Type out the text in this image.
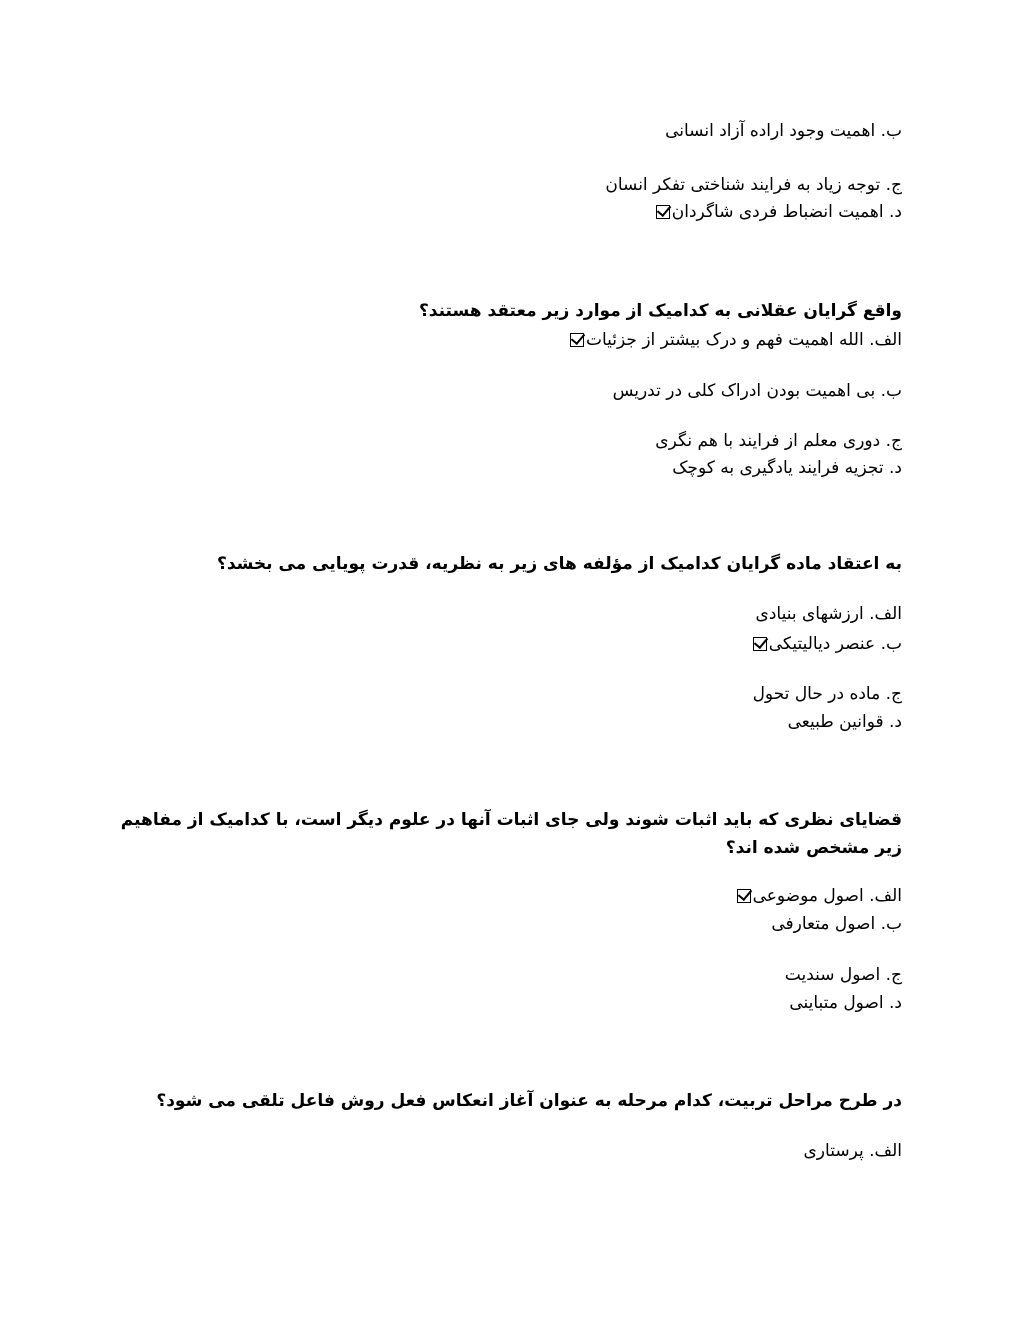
ب. اهمیت وجود اراده آزاد انسانی
ج. توجه زیاد به فرایند شناختی تفکر انسان
د. اهمیت انضباط فردی شاگردان
واقع گرایان عقلانی به کدامیک از موارد زیر معتقد هستند؟
الف. الله اهمیت فهم و درک بیشتر از جزئیات
ب. بی اهمیت بودن ادراک کلی در تدریس
ج. دوری معلم از فرایند با هم نگری
د. تجزیه فرایند یادگیری به کوچک
به اعتقاد ماده گرایان کدامیک از مؤلفه های زیر به نظریه، قدرت پویایی می بخشد؟
الف. ارزشهای بنیادی
ب. عنصر دیالیتیکی
ج. ماده در حال تحول
د. قوانین طبیعی
قضایای نظری که باید اثبات شوند ولی جای اثبات آنها در علوم دیگر است، با کدامیک از مفاهیم زیر مشخص شده اند؟
الف. اصول موضوعی
ب. اصول متعارفی
ج. اصول سندیت
د. اصول متباینی
در طرح مراحل تربیت، کدام مرحله به عنوان آغاز انعکاس فعل روش فاعل تلقی می شود؟
الف. پرستاری
